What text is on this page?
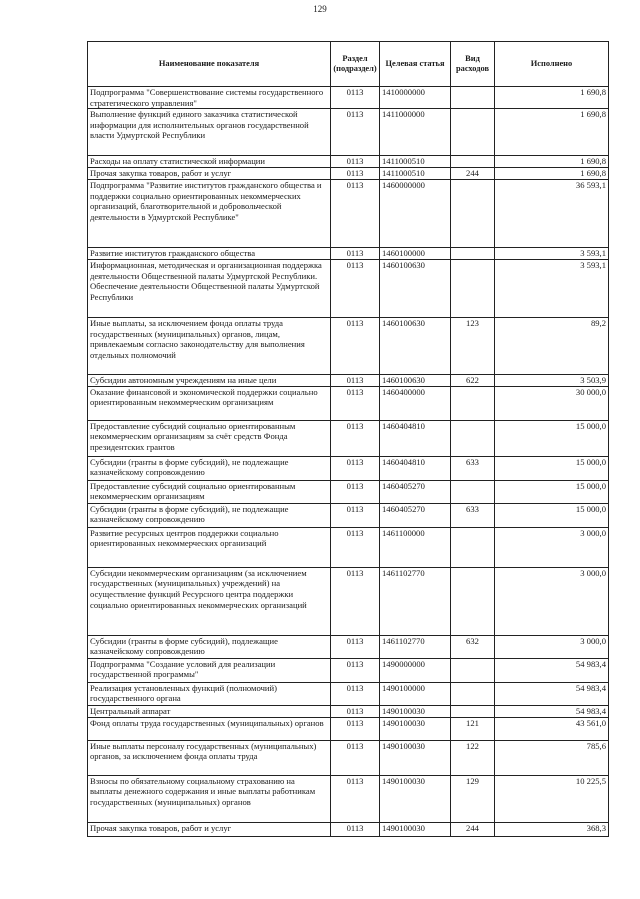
129
Наименование показателя	Раздел (подраздел)	Целевая статья	Вид расходов	Исполнено
Подпрограмма "Совершенствование системы государственного стратегического управления"	0113	1410000000		1 690,8
Выполнение функций единого заказчика статистической информации для исполнительных органов государственной власти Удмуртской Республики	0113	1411000000		1 690,8
Расходы на оплату статистической информации	0113	1411000510		1 690,8
Прочая закупка товаров, работ и услуг	0113	1411000510	244	1 690,8
Подпрограмма "Развитие институтов гражданского общества и поддержки социально ориентированных некоммерческих организаций, благотворительной и добровольческой деятельности в Удмуртской Республике"	0113	1460000000		36 593,1
Развитие институтов гражданского общества	0113	1460100000		3 593,1
Информационная, методическая и организационная поддержка деятельности Общественной палаты Удмуртской Республики. Обеспечение деятельности Общественной палаты Удмуртской Республики	0113	1460100630		3 593,1
Иные выплаты, за исключением фонда оплаты труда государственных (муниципальных) органов, лицам, привлекаемым согласно законодательству для выполнения отдельных полномочий	0113	1460100630	123	89,2
Субсидии автономным учреждениям на иные цели	0113	1460100630	622	3 503,9
Оказание финансовой и экономической поддержки социально ориентированным некоммерческим организациям	0113	1460400000		30 000,0
Предоставление субсидий социально ориентированным некоммерческим организациям за счёт средств Фонда президентских грантов	0113	1460404810		15 000,0
Субсидии (гранты в форме субсидий), не подлежащие казначейскому сопровождению	0113	1460404810	633	15 000,0
Предоставление субсидий социально ориентированным некоммерческим организациям	0113	1460405270		15 000,0
Субсидии (гранты в форме субсидий), не подлежащие казначейскому сопровождению	0113	1460405270	633	15 000,0
Развитие ресурсных центров поддержки социально ориентированных некоммерческих организаций	0113	1461100000		3 000,0
Субсидии некоммерческим организациям (за исключением государственных (муниципальных) учреждений) на осуществление функций Ресурсного центра поддержки социально ориентированных некоммерческих организаций	0113	1461102770		3 000,0
Субсидии (гранты в форме субсидий), подлежащие казначейскому сопровождению	0113	1461102770	632	3 000,0
Подпрограмма "Создание условий для реализации государственной программы"	0113	1490000000		54 983,4
Реализация установленных функций (полномочий) государственного органа	0113	1490100000		54 983,4
Центральный аппарат	0113	1490100030		54 983,4
Фонд оплаты труда государственных (муниципальных) органов	0113	1490100030	121	43 561,0
Иные выплаты персоналу государственных (муниципальных) органов, за исключением фонда оплаты труда	0113	1490100030	122	785,6
Взносы по обязательному социальному страхованию на выплаты денежного содержания и иные выплаты работникам государственных (муниципальных) органов	0113	1490100030	129	10 225,5
Прочая закупка товаров, работ и услуг	0113	1490100030	244	368,3
